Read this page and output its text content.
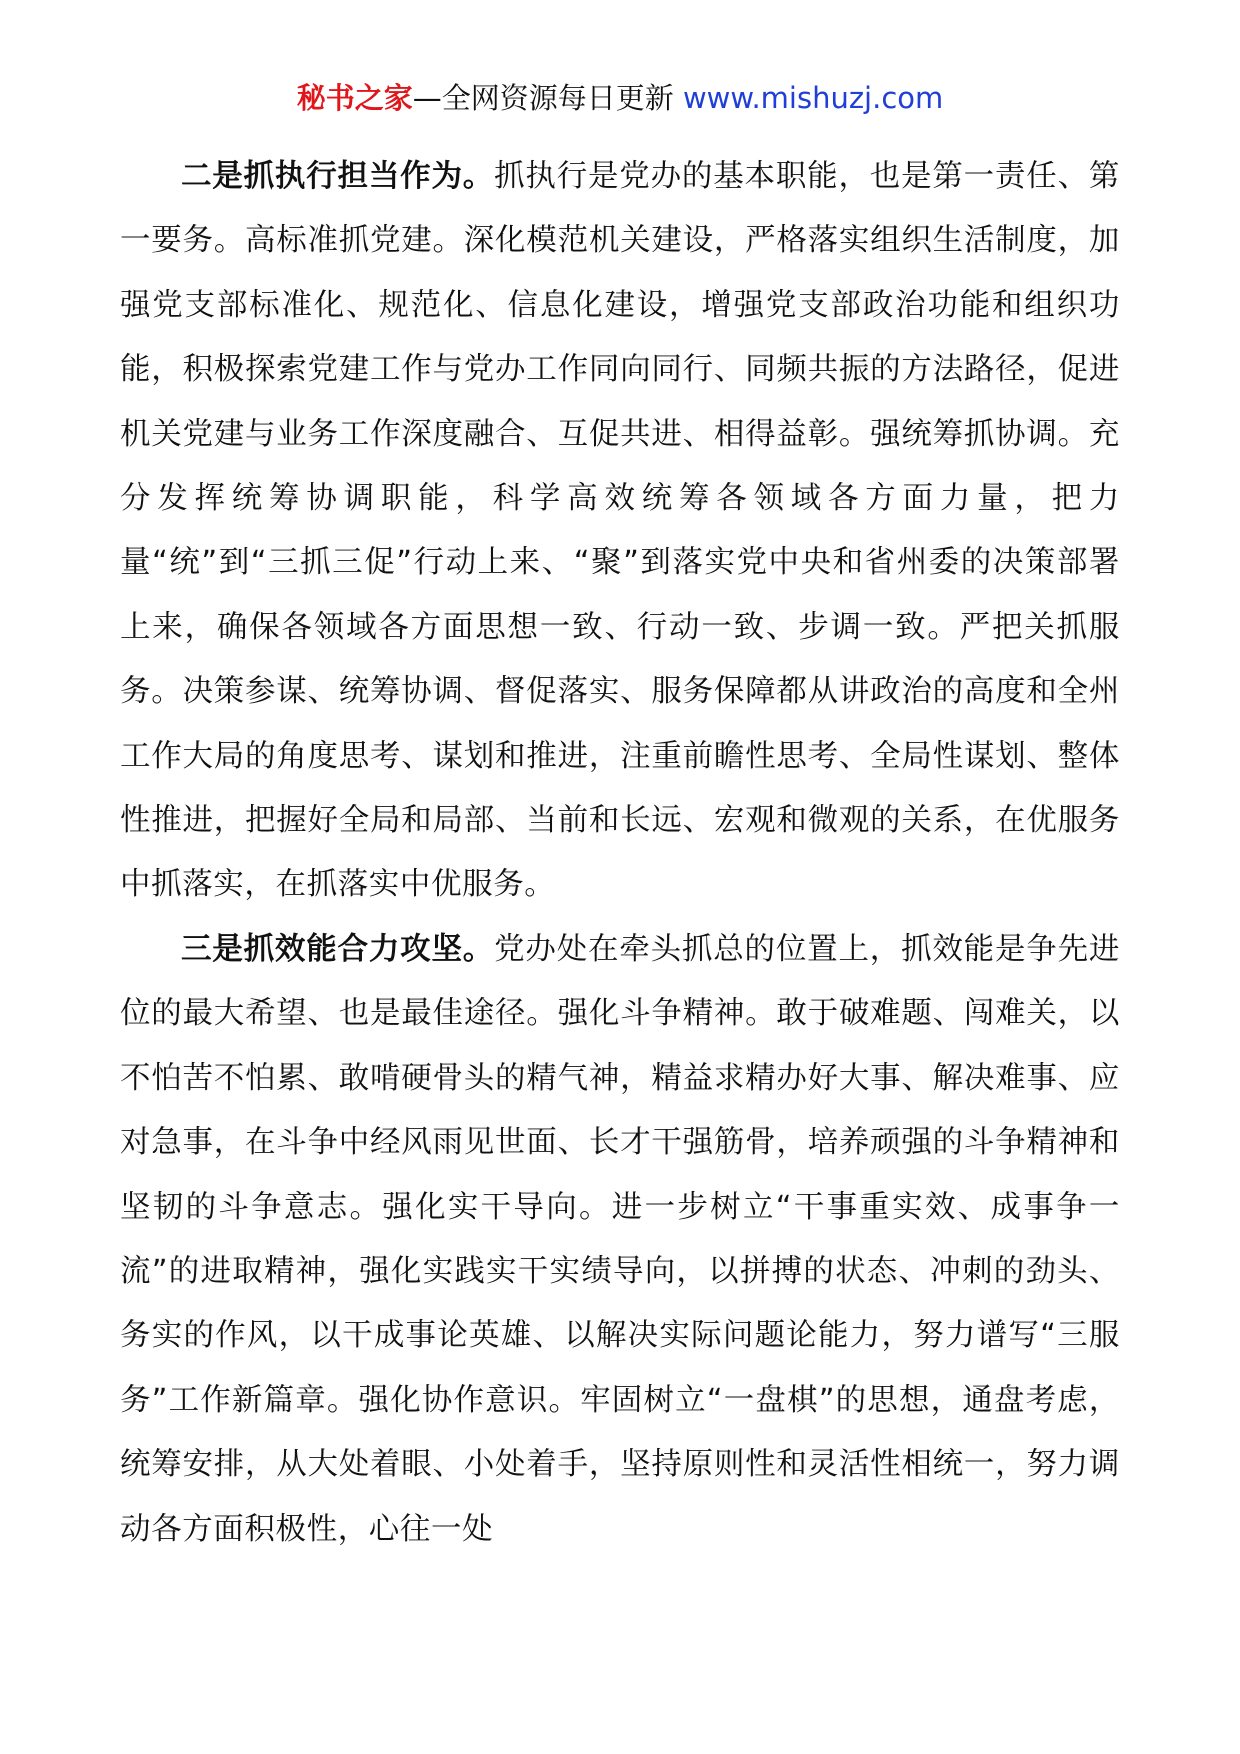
秘书之家—全网资源每日更新 www.mishuzj.com

二是抓执行担当作为。抓执行是党办的基本职能，也是第一责任、第一要务。高标准抓党建。深化模范机关建设，严格落实组织生活制度，加强党支部标准化、规范化、信息化建设，增强党支部政治功能和组织功能，积极探索党建工作与党办工作同向同行、同频共振的方法路径，促进机关党建与业务工作深度融合、互促共进、相得益彰。强统筹抓协调。充分发挥统筹协调职能，科学高效统筹各领域各方面力量，把力量“统”到“三抓三促”行动上来、“聚”到落实党中央和省州委的决策部署上来，确保各领域各方面思想一致、行动一致、步调一致。严把关抓服务。决策参谋、统筹协调、督促落实、服务保障都从讲政治的高度和全州工作大局的角度思考、谋划和推进，注重前瞻性思考、全局性谋划、整体性推进，把握好全局和局部、当前和长远、宏观和微观的关系，在优服务中抓落实，在抓落实中优服务。

三是抓效能合力攻坚。党办处在牵头抓总的位置上，抓效能是争先进位的最大希望、也是最佳途径。强化斗争精神。敢于破难题、闯难关，以不怕苦不怕累、敢啃硬骨头的精气神，精益求精办好大事、解决难事、应对急事，在斗争中经风雨见世面、长才干强筋骨，培养顽强的斗争精神和坚韧的斗争意志。强化实干导向。进一步树立“干事重实效、成事争一流”的进取精神，强化实践实干实绩导向，以拼搏的状态、冲刺的劲头、务实的作风，以干成事论英雄、以解决实际问题论能力，努力谱写“三服务”工作新篇章。强化协作意识。牢固树立“一盘棋”的思想，通盘考虑，统筹安排，从大处着眼、小处着手，坚持原则性和灵活性相统一，努力调动各方面积极性，心往一处
